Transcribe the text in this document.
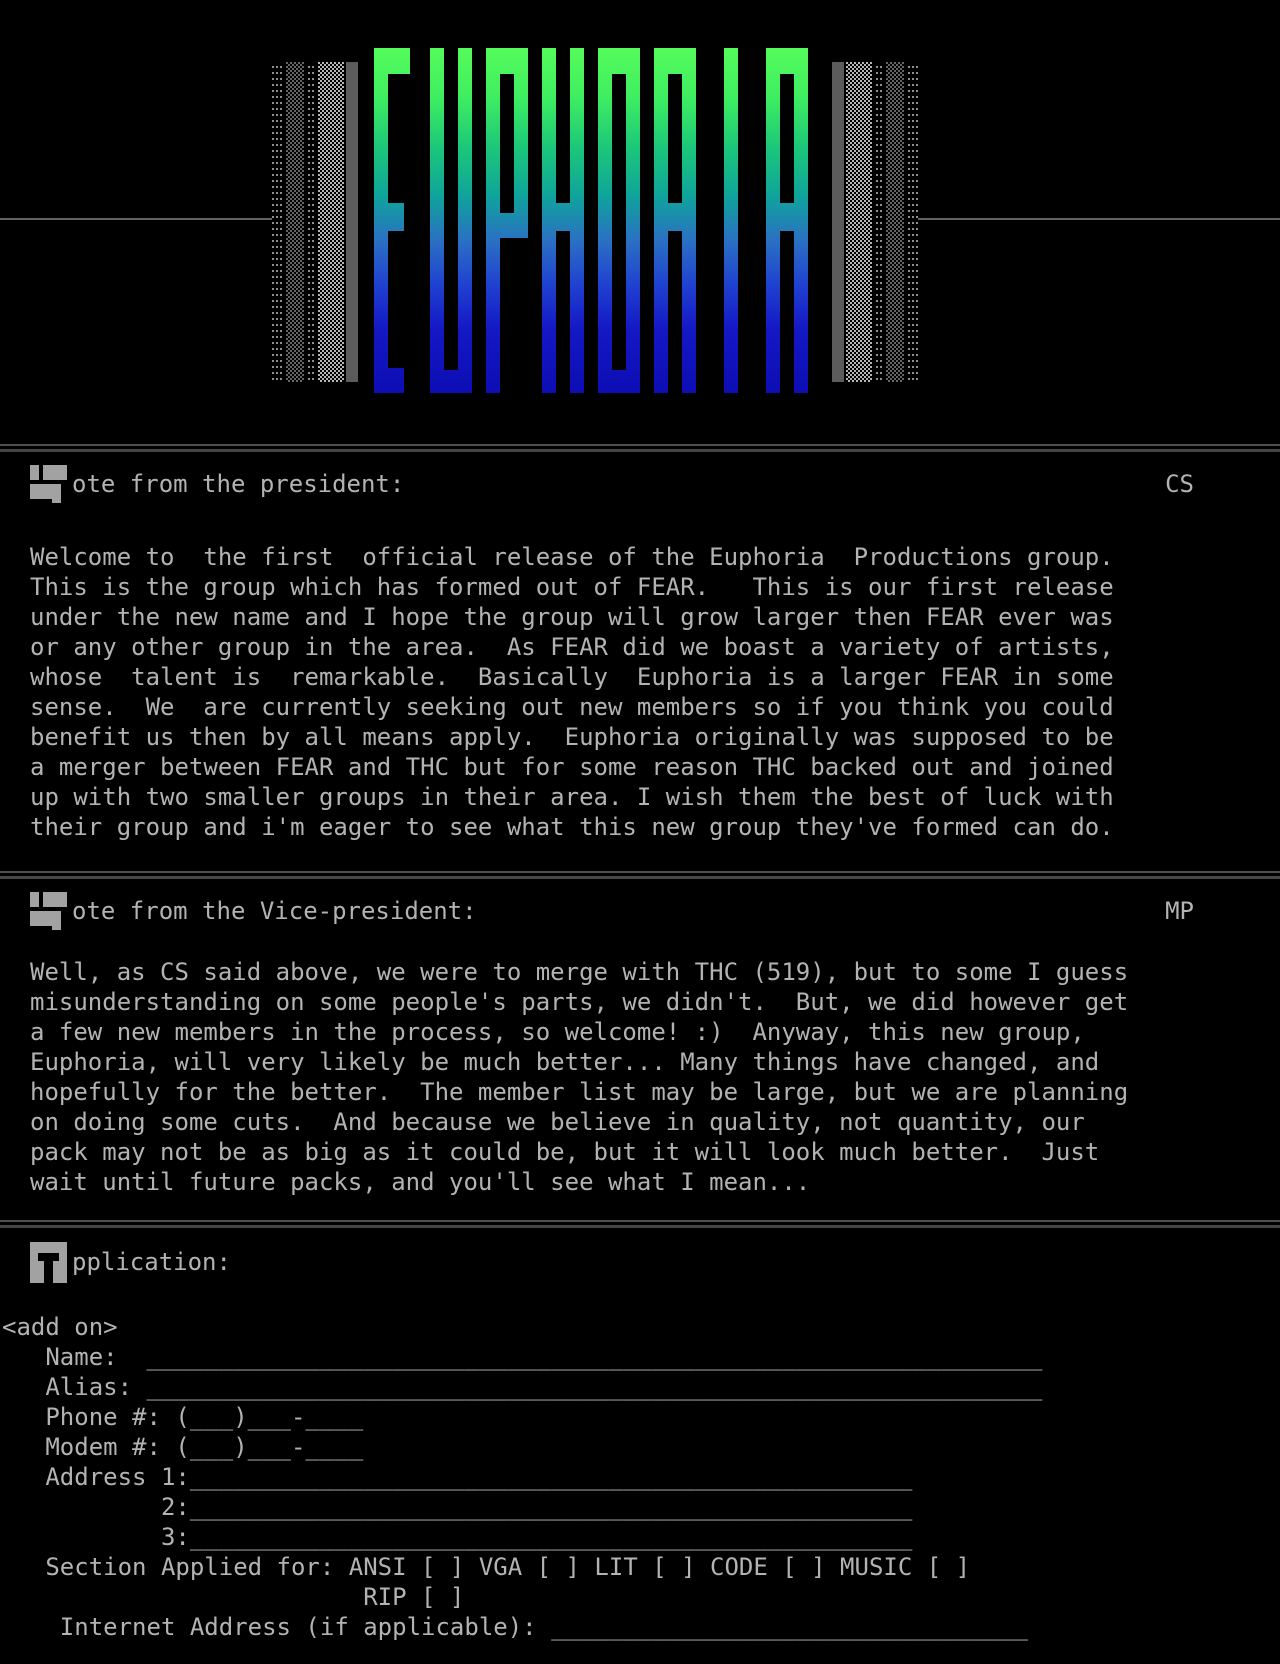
ote from the president:	CS
Welcome to  the first  official release of the Euphoria  Productions group.
This is the group which has formed out of FEAR.   This is our first release
under the new name and I hope the group will grow larger then FEAR ever was
or any other group in the area.  As FEAR did we boast a variety of artists,
whose  talent is  remarkable.  Basically  Euphoria is a larger FEAR in some
sense.  We  are currently seeking out new members so if you think you could
benefit us then by all means apply.  Euphoria originally was supposed to be
a merger between FEAR and THC but for some reason THC backed out and joined
up with two smaller groups in their area. I wish them the best of luck with
their group and i'm eager to see what this new group they've formed can do.
ote from the Vice-president:	MP
Well, as CS said above, we were to merge with THC (519), but to some I guess
misunderstanding on some people's parts, we didn't.  But, we did however get
a few new members in the process, so welcome! :)  Anyway, this new group,
Euphoria, will very likely be much better... Many things have changed, and
hopefully for the better.  The member list may be large, but we are planning
on doing some cuts.  And because we believe in quality, not quantity, our
pack may not be as big as it could be, but it will look much better.  Just
wait until future packs, and you'll see what I mean...
pplication:
<add on>
Name:  ______________________________________________________________
Alias: ______________________________________________________________
Phone #: (___)___-____
Modem #: (___)___-____
Address 1:__________________________________________________
2:__________________________________________________
3:__________________________________________________
Section Applied for: ANSI [ ] VGA [ ] LIT [ ] CODE [ ] MUSIC [ ]
RIP [ ]
Internet Address (if applicable): _________________________________
